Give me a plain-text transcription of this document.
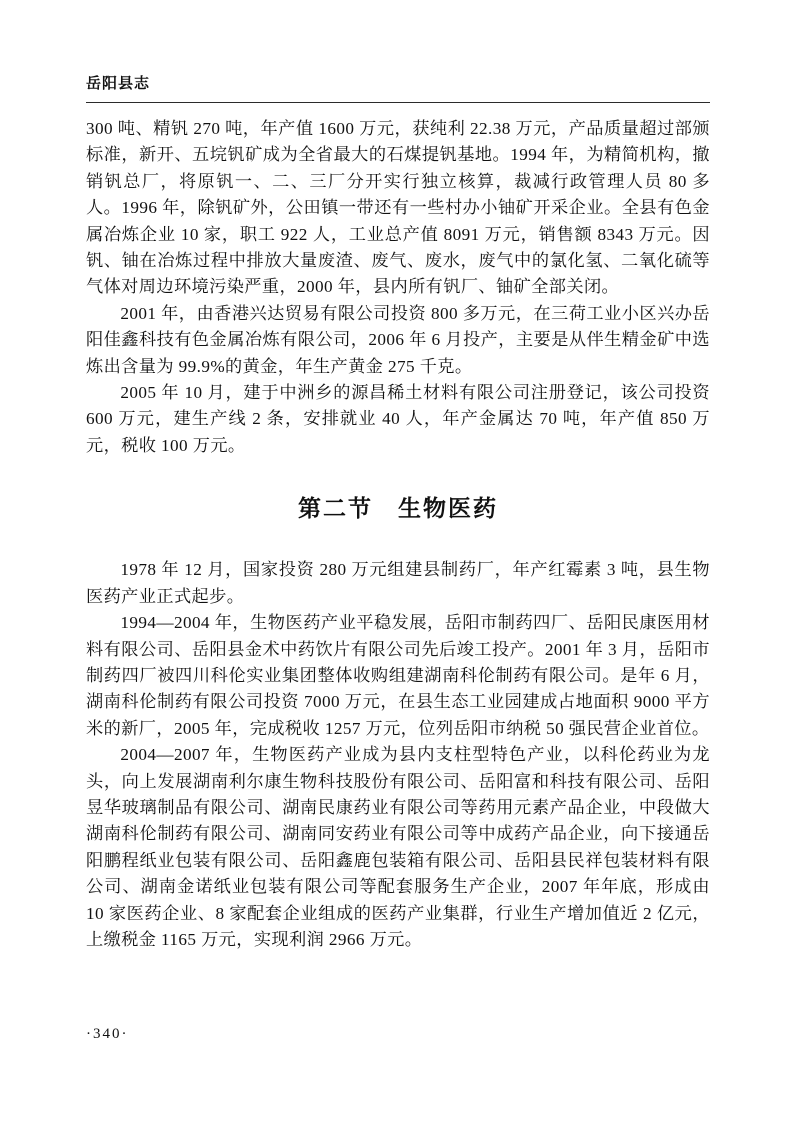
岳阳县志

300 吨、精钒 270 吨，年产值 1600 万元，获纯利 22.38 万元，产品质量超过部颁标准，新开、五垸钒矿成为全省最大的石煤提钒基地。1994 年，为精简机构，撤销钒总厂，将原钒一、二、三厂分开实行独立核算，裁减行政管理人员 80 多人。1996 年，除钒矿外，公田镇一带还有一些村办小铀矿开采企业。全县有色金属冶炼企业 10 家，职工 922 人，工业总产值 8091 万元，销售额 8343 万元。因钒、铀在冶炼过程中排放大量废渣、废气、废水，废气中的氯化氢、二氧化硫等气体对周边环境污染严重，2000 年，县内所有钒厂、铀矿全部关闭。

2001 年，由香港兴达贸易有限公司投资 800 多万元，在三荷工业小区兴办岳阳佳鑫科技有色金属冶炼有限公司，2006 年 6 月投产，主要是从伴生精金矿中选炼出含量为 99.9%的黄金，年生产黄金 275 千克。

2005 年 10 月，建于中洲乡的源昌稀土材料有限公司注册登记，该公司投资 600 万元，建生产线 2 条，安排就业 40 人，年产金属达 70 吨，年产值 850 万元，税收 100 万元。

第二节　生物医药

1978 年 12 月，国家投资 280 万元组建县制药厂，年产红霉素 3 吨，县生物医药产业正式起步。

1994—2004 年，生物医药产业平稳发展，岳阳市制药四厂、岳阳民康医用材料有限公司、岳阳县金术中药饮片有限公司先后竣工投产。2001 年 3 月，岳阳市制药四厂被四川科伦实业集团整体收购组建湖南科伦制药有限公司。是年 6 月，湖南科伦制药有限公司投资 7000 万元，在县生态工业园建成占地面积 9000 平方米的新厂，2005 年，完成税收 1257 万元，位列岳阳市纳税 50 强民营企业首位。

2004—2007 年，生物医药产业成为县内支柱型特色产业，以科伦药业为龙头，向上发展湖南利尔康生物科技股份有限公司、岳阳富和科技有限公司、岳阳昱华玻璃制品有限公司、湖南民康药业有限公司等药用元素产品企业，中段做大湖南科伦制药有限公司、湖南同安药业有限公司等中成药产品企业，向下接通岳阳鹏程纸业包装有限公司、岳阳鑫鹿包装箱有限公司、岳阳县民祥包装材料有限公司、湖南金诺纸业包装有限公司等配套服务生产企业，2007 年年底，形成由 10 家医药企业、8 家配套企业组成的医药产业集群，行业生产增加值近 2 亿元，上缴税金 1165 万元，实现利润 2966 万元。

·340·
